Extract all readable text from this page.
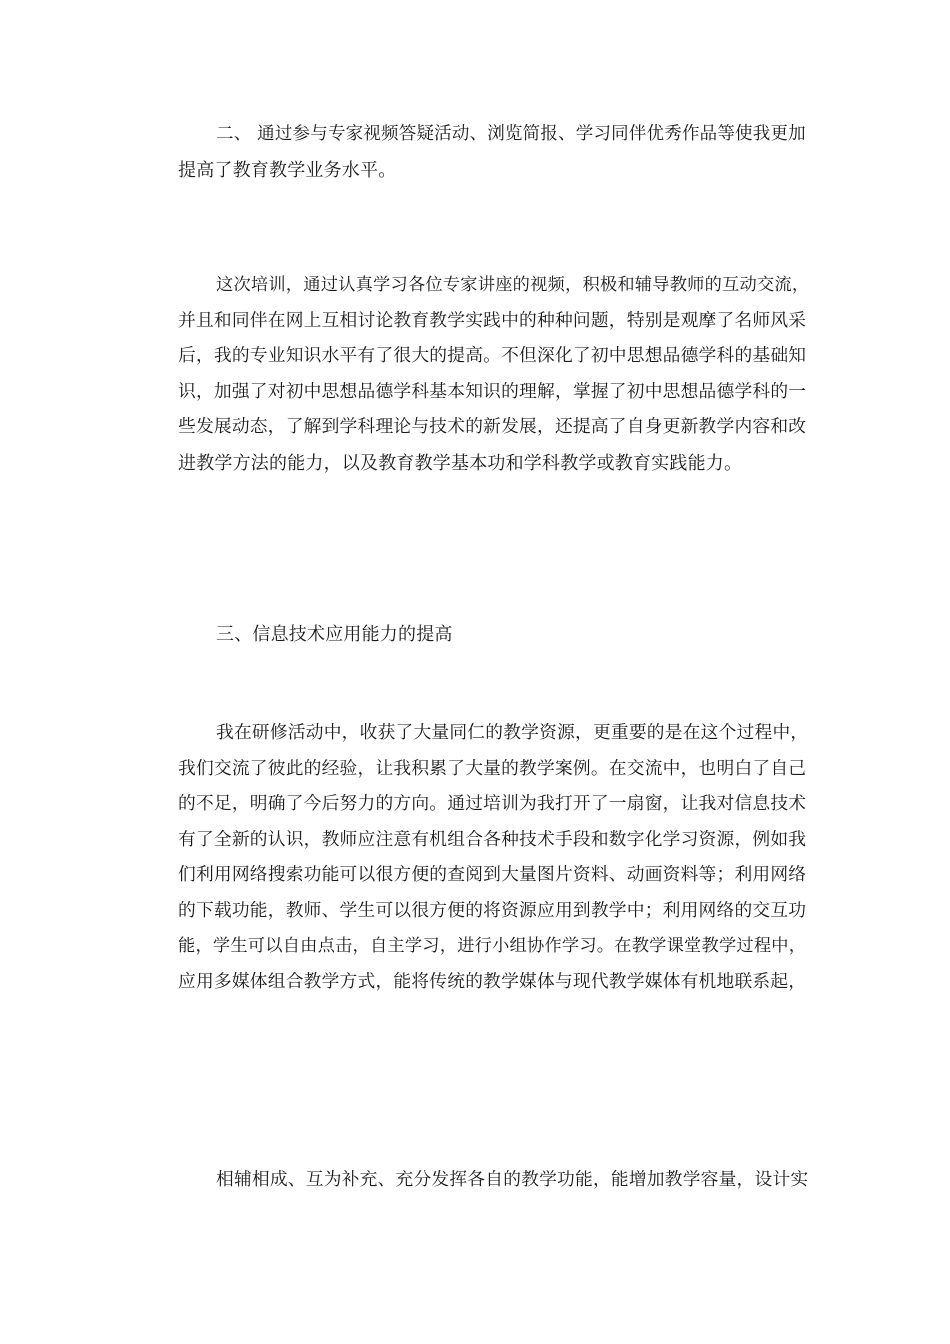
二、 通过参与专家视频答疑活动、浏览简报、学习同伴优秀作品等使我更加
提高了教育教学业务水平。
这次培训，通过认真学习各位专家讲座的视频，积极和辅导教师的互动交流，
并且和同伴在网上互相讨论教育教学实践中的种种问题，特别是观摩了名师风采
后，我的专业知识水平有了很大的提高。不但深化了初中思想品德学科的基础知
识，加强了对初中思想品德学科基本知识的理解，掌握了初中思想品德学科的一
些发展动态，了解到学科理论与技术的新发展，还提高了自身更新教学内容和改
进教学方法的能力，以及教育教学基本功和学科教学或教育实践能力。
三、信息技术应用能力的提高
我在研修活动中，收获了大量同仁的教学资源，更重要的是在这个过程中，
我们交流了彼此的经验，让我积累了大量的教学案例。在交流中，也明白了自己
的不足，明确了今后努力的方向。通过培训为我打开了一扇窗，让我对信息技术
有了全新的认识，教师应注意有机组合各种技术手段和数字化学习资源，例如我
们利用网络搜索功能可以很方便的查阅到大量图片资料、动画资料等；利用网络
的下载功能，教师、学生可以很方便的将资源应用到教学中；利用网络的交互功
能，学生可以自由点击，自主学习，进行小组协作学习。在教学课堂教学过程中，
应用多媒体组合教学方式，能将传统的教学媒体与现代教学媒体有机地联系起，
相辅相成、互为补充、充分发挥各自的教学功能，能增加教学容量，设计实
